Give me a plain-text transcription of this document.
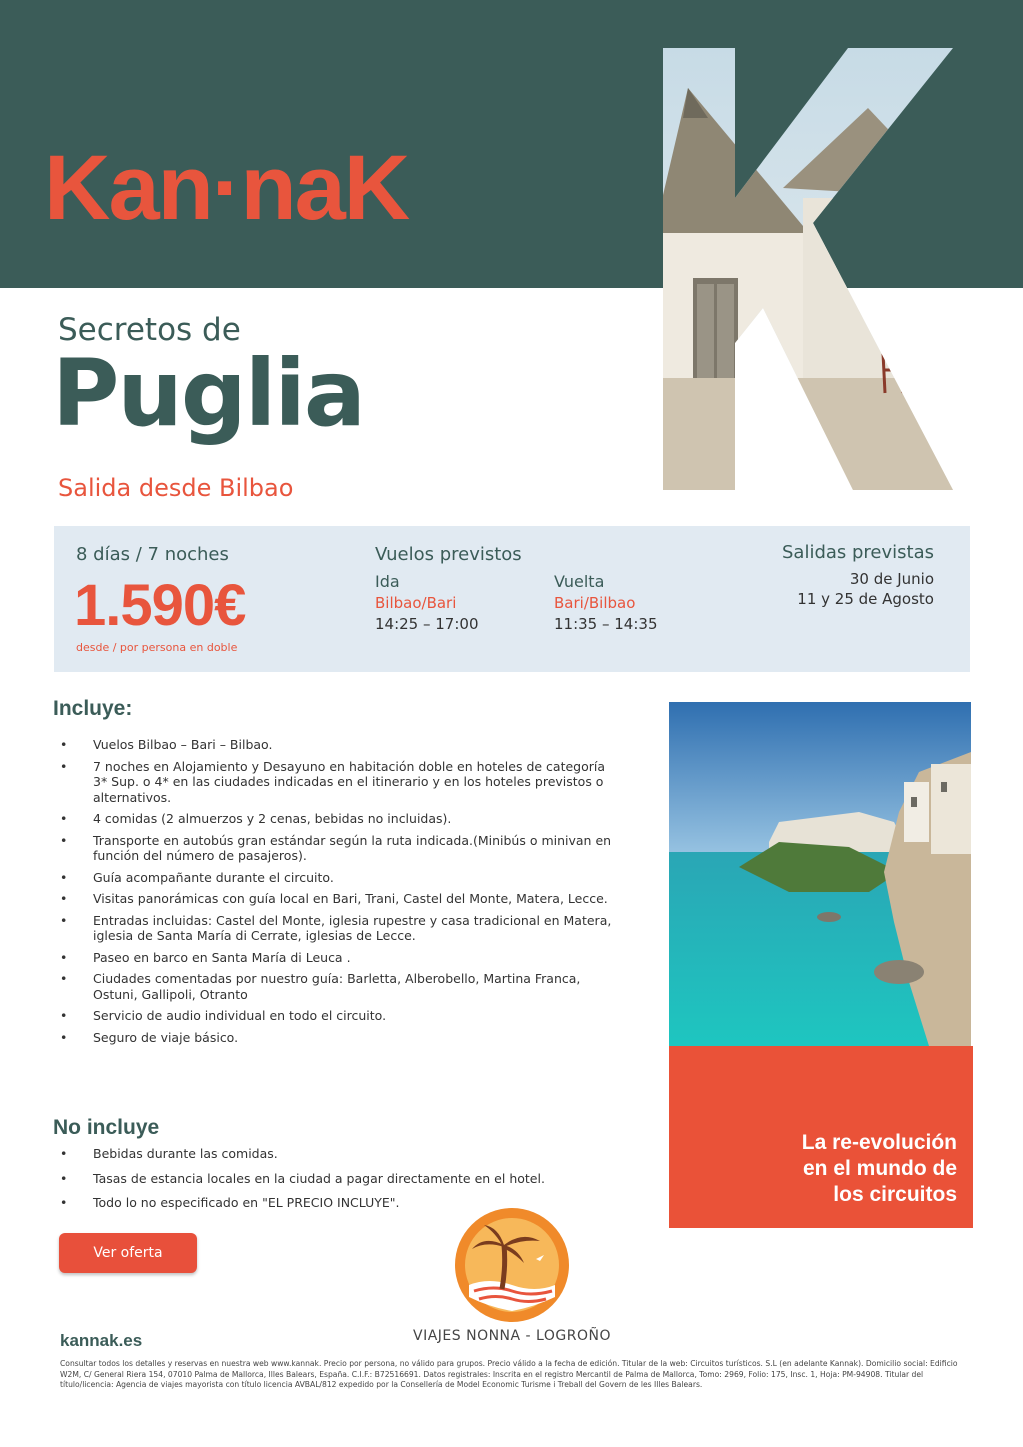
Kan·naK
Secretos de
Puglia
Salida desde Bilbao
8 días / 7 noches
1.590€
desde / por persona en doble
Vuelos previstos
Ida
Bilbao/Bari
14:25 – 17:00
Vuelta
Bari/Bilbao
11:35 – 14:35
Salidas previstas
30 de Junio
11 y 25 de Agosto
Incluye:
• Vuelos Bilbao – Bari – Bilbao.
• 7 noches en Alojamiento y Desayuno en habitación doble en hoteles de categoría 3* Sup. o 4* en las ciudades indicadas en el itinerario y en los hoteles previstos o alternativos.
• 4 comidas (2 almuerzos y 2 cenas, bebidas no incluidas).
• Transporte en autobús gran estándar según la ruta indicada.(Minibús o minivan en función del número de pasajeros).
• Guía acompañante durante el circuito.
• Visitas panorámicas con guía local en Bari, Trani, Castel del Monte, Matera, Lecce.
• Entradas incluidas: Castel del Monte, iglesia rupestre y casa tradicional en Matera, iglesia de Santa María di Cerrate, iglesias de Lecce.
• Paseo en barco en Santa María di Leuca .
• Ciudades comentadas por nuestro guía: Barletta, Alberobello, Martina Franca, Ostuni, Gallipoli, Otranto
• Servicio de audio individual en todo el circuito.
• Seguro de viaje básico.
No incluye
• Bebidas durante las comidas.
• Tasas de estancia locales en la ciudad a pagar directamente en el hotel.
• Todo lo no especificado en "EL PRECIO INCLUYE".
La re-evolución
en el mundo de
los circuitos
Ver oferta
VIAJES NONNA - LOGROÑO
kannak.es
Consultar todos los detalles y reservas en nuestra web www.kannak. Precio por persona, no válido para grupos. Precio válido a la fecha de edición. Titular de la web: Circuitos turísticos. S.L (en adelante Kannak). Domicilio social: Edificio W2M, C/ General Riera 154, 07010 Palma de Mallorca, Illes Balears, España. C.I.F.: B72516691. Datos registrales: Inscrita en el registro Mercantil de Palma de Mallorca, Tomo: 2969, Folio: 175, Insc. 1, Hoja: PM-94908. Titular del título/licencia: Agencia de viajes mayorista con título licencia AVBAL/812 expedido por la Consellería de Model Economic Turisme i Treball del Govern de les Illes Balears.
